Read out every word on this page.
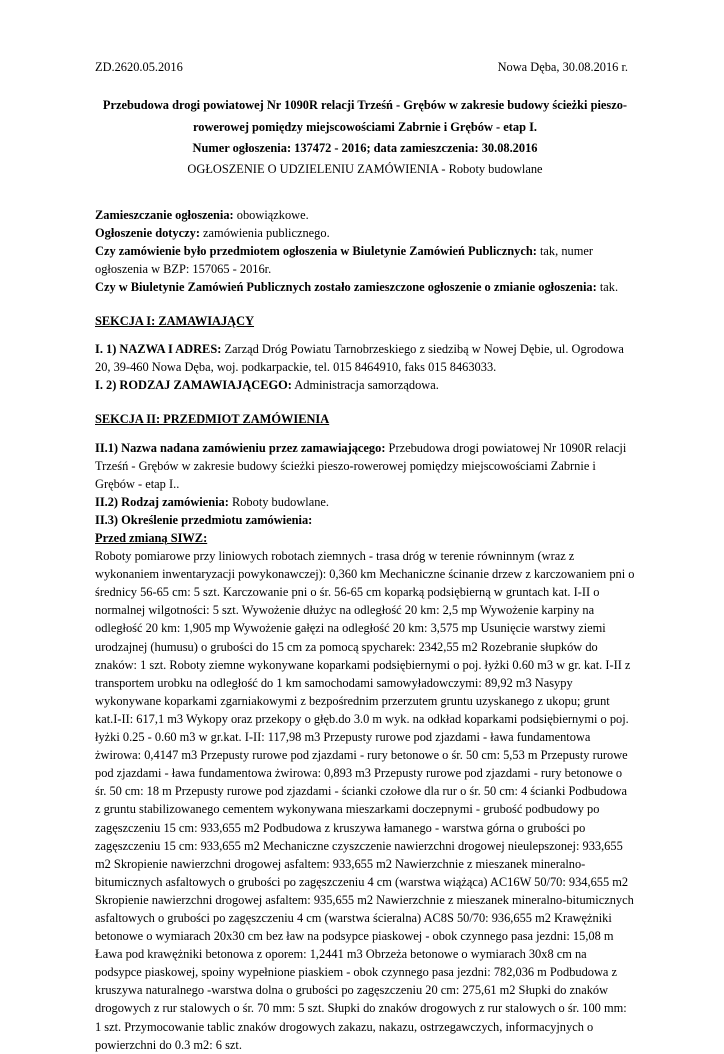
ZD.2620.05.2016	Nowa Dęba, 30.08.2016 r.
Przebudowa drogi powiatowej Nr 1090R relacji Trześń - Grębów w zakresie budowy ścieżki pieszo-
rowerowej pomiędzy miejscowościami Zabrnie i Grębów - etap I.
Numer ogłoszenia: 137472 - 2016; data zamieszczenia: 30.08.2016
OGŁOSZENIE O UDZIELENIU ZAMÓWIENIA - Roboty budowlane

Zamieszczanie ogłoszenia: obowiązkowe.

Ogłoszenie dotyczy: zamówienia publicznego.

Czy zamówienie było przedmiotem ogłoszenia w Biuletynie Zamówień Publicznych: tak, numer ogłoszenia w BZP: 157065 - 2016r.

Czy w Biuletynie Zamówień Publicznych zostało zamieszczone ogłoszenie o zmianie ogłoszenia: tak.

SEKCJA I: ZAMAWIAJĄCY

I. 1) NAZWA I ADRES: Zarząd Dróg Powiatu Tarnobrzeskiego z siedzibą w Nowej Dębie, ul. Ogrodowa 20, 39-460 Nowa Dęba, woj. podkarpackie, tel. 015 8464910, faks 015 8463033.

I. 2) RODZAJ ZAMAWIAJĄCEGO: Administracja samorządowa.

SEKCJA II: PRZEDMIOT ZAMÓWIENIA

II.1) Nazwa nadana zamówieniu przez zamawiającego: Przebudowa drogi powiatowej Nr 1090R relacji Trześń - Grębów w zakresie budowy ścieżki pieszo-rowerowej pomiędzy miejscowościami Zabrnie i Grębów - etap I..

II.2) Rodzaj zamówienia: Roboty budowlane.

II.3) Określenie przedmiotu zamówienia:

Przed zmianą SIWZ:

Roboty pomiarowe przy liniowych robotach ziemnych - trasa dróg w terenie równinnym (wraz z wykonaniem inwentaryzacji powykonawczej): 0,360 km Mechaniczne ścinanie drzew z karczowaniem pni o średnicy 56-65 cm: 5 szt. Karczowanie pni o śr. 56-65 cm koparką podsiębierną w gruntach kat. I-II o normalnej wilgotności: 5 szt. Wywożenie dłużyc na odległość 20 km: 2,5 mp Wywożenie karpiny na odległość 20 km: 1,905 mp Wywożenie gałęzi na odległość 20 km: 3,575 mp Usunięcie warstwy ziemi urodzajnej (humusu) o grubości do 15 cm za pomocą spycharek: 2342,55 m2 Rozebranie słupków do znaków: 1 szt. Roboty ziemne wykonywane koparkami podsiębiernymi o poj. łyżki 0.60 m3 w gr. kat. I-II z transportem urobku na odległość do 1 km samochodami samowyładowczymi: 89,92 m3 Nasypy wykonywane koparkami zgarniakowymi z bezpośrednim przerzutem gruntu uzyskanego z ukopu; grunt kat.I-II: 617,1 m3 Wykopy oraz przekopy o głęb.do 3.0 m wyk. na odkład koparkami podsiębiernymi o poj. łyżki 0.25 - 0.60 m3 w gr.kat. I-II: 117,98 m3 Przepusty rurowe pod zjazdami - ława fundamentowa żwirowa: 0,4147 m3 Przepusty rurowe pod zjazdami - rury betonowe o śr. 50 cm: 5,53 m Przepusty rurowe pod zjazdami - ława fundamentowa żwirowa: 0,893 m3 Przepusty rurowe pod zjazdami - rury betonowe o śr. 50 cm: 18 m Przepusty rurowe pod zjazdami - ścianki czołowe dla rur o śr. 50 cm: 4 ścianki Podbudowa z gruntu stabilizowanego cementem wykonywana mieszarkami doczepnymi - grubość podbudowy po zagęszczeniu 15 cm: 933,655 m2 Podbudowa z kruszywa łamanego - warstwa górna o grubości po zagęszczeniu 15 cm: 933,655 m2 Mechaniczne czyszczenie nawierzchni drogowej nieulepszonej: 933,655 m2 Skropienie nawierzchni drogowej asfaltem: 933,655 m2 Nawierzchnie z mieszanek mineralno-bitumicznych asfaltowych o grubości po zagęszczeniu 4 cm (warstwa wiążąca) AC16W 50/70: 934,655 m2 Skropienie nawierzchni drogowej asfaltem: 935,655 m2 Nawierzchnie z mieszanek mineralno-bitumicznych asfaltowych o grubości po zagęszczeniu 4 cm (warstwa ścieralna) AC8S 50/70: 936,655 m2 Krawężniki betonowe o wymiarach 20x30 cm bez ław na podsypce piaskowej - obok czynnego pasa jezdni: 15,08 m Ława pod krawężniki betonowa z oporem: 1,2441 m3 Obrzeża betonowe o wymiarach 30x8 cm na podsypce piaskowej, spoiny wypełnione piaskiem - obok czynnego pasa jezdni: 782,036 m Podbudowa z kruszywa naturalnego -warstwa dolna o grubości po zagęszczeniu 20 cm: 275,61 m2 Słupki do znaków drogowych z rur stalowych o śr. 70 mm: 5 szt. Słupki do znaków drogowych z rur stalowych o śr. 100 mm: 1 szt. Przymocowanie tablic znaków drogowych zakazu, nakazu, ostrzegawczych, informacyjnych o powierzchni do 0.3 m2: 6 szt.
